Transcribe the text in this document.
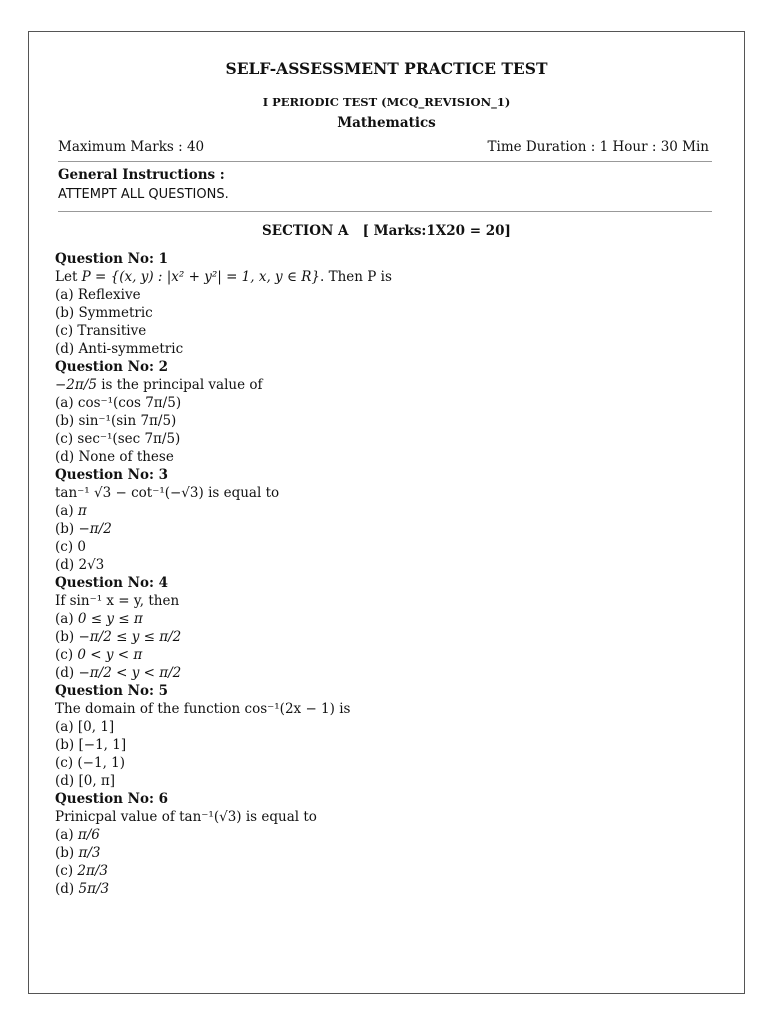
SELF-ASSESSMENT PRACTICE TEST
I PERIODIC TEST (MCQ_REVISION_1)
Mathematics
Maximum Marks : 40	Time Duration : 1 Hour : 30 Min
General Instructions :
ATTEMPT ALL QUESTIONS.
SECTION A [ Marks:1X20 = 20]
Question No: 1
Let P = {(x, y) : |x² + y²| = 1, x, y ∈ R}. Then P is
(a) Reflexive
(b) Symmetric
(c) Transitive
(d) Anti-symmetric
Question No: 2
−2π/5 is the principal value of
(a) cos⁻¹(cos 7π/5)
(b) sin⁻¹(sin 7π/5)
(c) sec⁻¹(sec 7π/5)
(d) None of these
Question No: 3
tan⁻¹ √3 − cot⁻¹(−√3) is equal to
(a) π
(b) −π/2
(c) 0
(d) 2√3
Question No: 4
If sin⁻¹ x = y, then
(a) 0 ≤ y ≤ π
(b) −π/2 ≤ y ≤ π/2
(c) 0 < y < π
(d) −π/2 < y < π/2
Question No: 5
The domain of the function cos⁻¹(2x − 1) is
(a) [0, 1]
(b) [−1, 1]
(c) (−1, 1)
(d) [0, π]
Question No: 6
Prinicpal value of tan⁻¹(√3) is equal to
(a) π/6
(b) π/3
(c) 2π/3
(d) 5π/3
